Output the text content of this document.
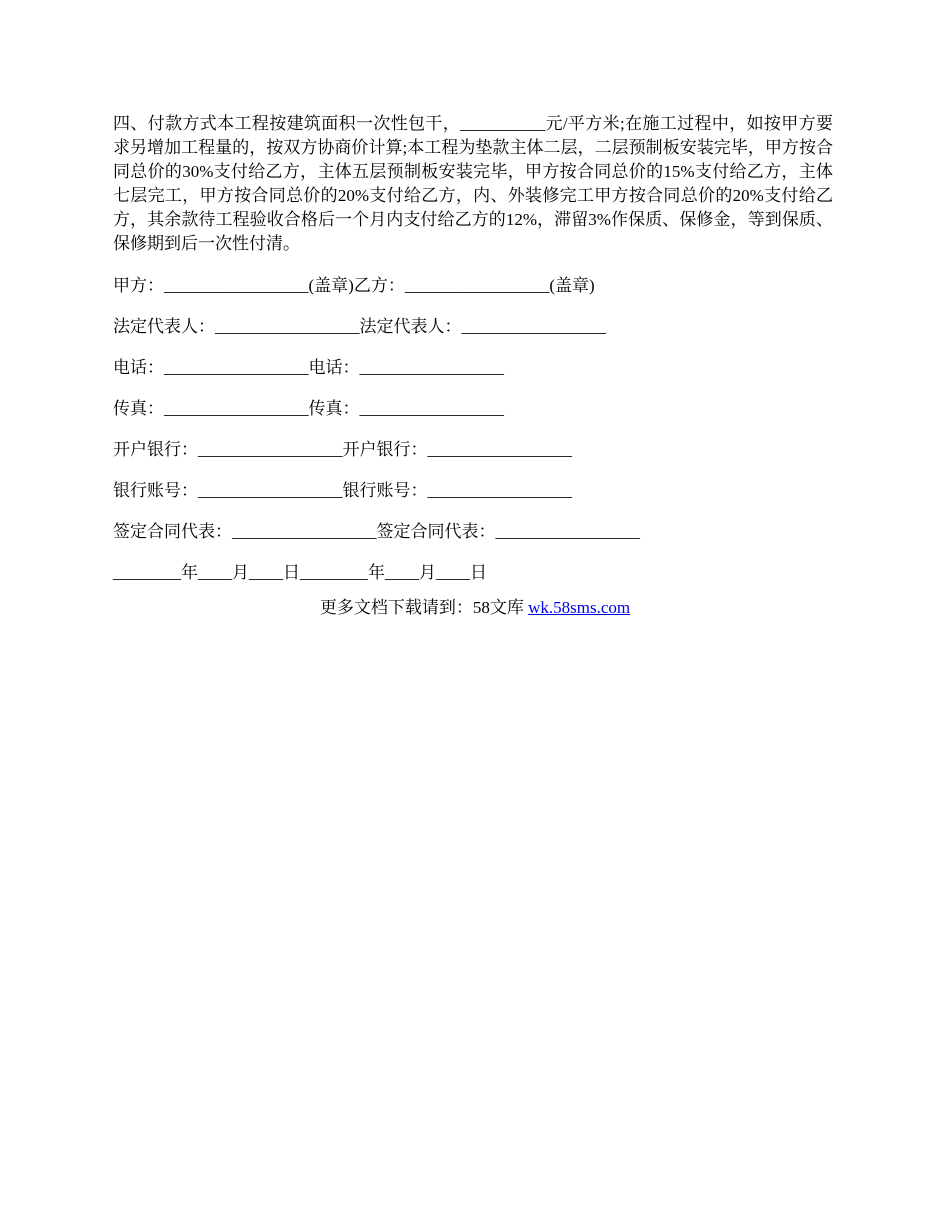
四、付款方式本工程按建筑面积一次性包干，__________元/平方米;在施工过程中，如按甲方要求另增加工程量的，按双方协商价计算;本工程为垫款主体二层，二层预制板安装完毕，甲方按合同总价的30%支付给乙方，主体五层预制板安装完毕，甲方按合同总价的15%支付给乙方，主体七层完工，甲方按合同总价的20%支付给乙方，内、外装修完工甲方按合同总价的20%支付给乙方，其余款待工程验收合格后一个月内支付给乙方的12%，滞留3%作保质、保修金，等到保质、保修期到后一次性付清。

甲方：_________________(盖章)乙方：_________________(盖章)
法定代表人：_________________法定代表人：_________________
电话：_________________电话：_________________
传真：_________________传真：_________________
开户银行：_________________开户银行：_________________
银行账号：_________________银行账号：_________________
签定合同代表：_________________签定合同代表：_________________
________年____月____日________年____月____日
更多文档下载请到：58文库 wk.58sms.com
